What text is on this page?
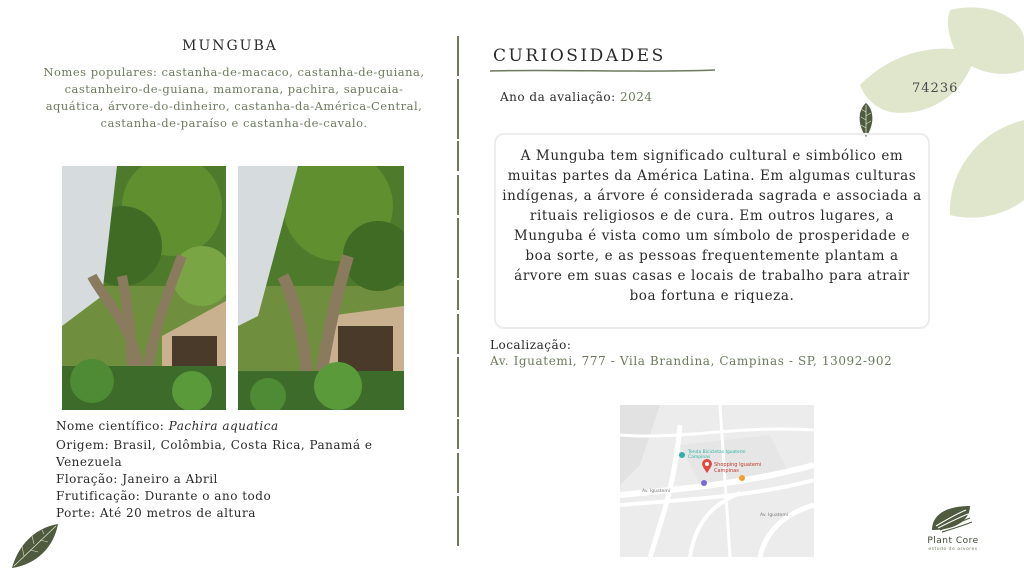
MUNGUBA
Nomes populares: castanha-de-macaco, castanha-de-guiana, castanheiro-de-guiana, mamorana, pachira, sapucaia-aquática, árvore-do-dinheiro, castanha-da-América-Central, castanha-de-paraíso e castanha-de-cavalo.
Nome científico: Pachira aquatica
Origem: Brasil, Colômbia, Costa Rica, Panamá e Venezuela
Floração: Janeiro a Abril
Frutificação: Durante o ano todo
Porte: Até 20 metros de altura
CURIOSIDADES
Ano da avaliação: 2024
74236
A Munguba tem significado cultural e simbólico em muitas partes da América Latina. Em algumas culturas indígenas, a árvore é considerada sagrada e associada a rituais religiosos e de cura. Em outros lugares, a Munguba é vista como um símbolo de prosperidade e boa sorte, e as pessoas frequentemente plantam a árvore em suas casas e locais de trabalho para atrair boa fortuna e riqueza.
Localização:
Av. Iguatemi, 777 - Vila Brandina, Campinas - SP, 13092-902
Tenda Bicicletas Iguatemi Campinas
Shopping Iguatemi Campinas
Av. Iguatemi
Av. Iguatemi
Plant Core
estudo de arvores
